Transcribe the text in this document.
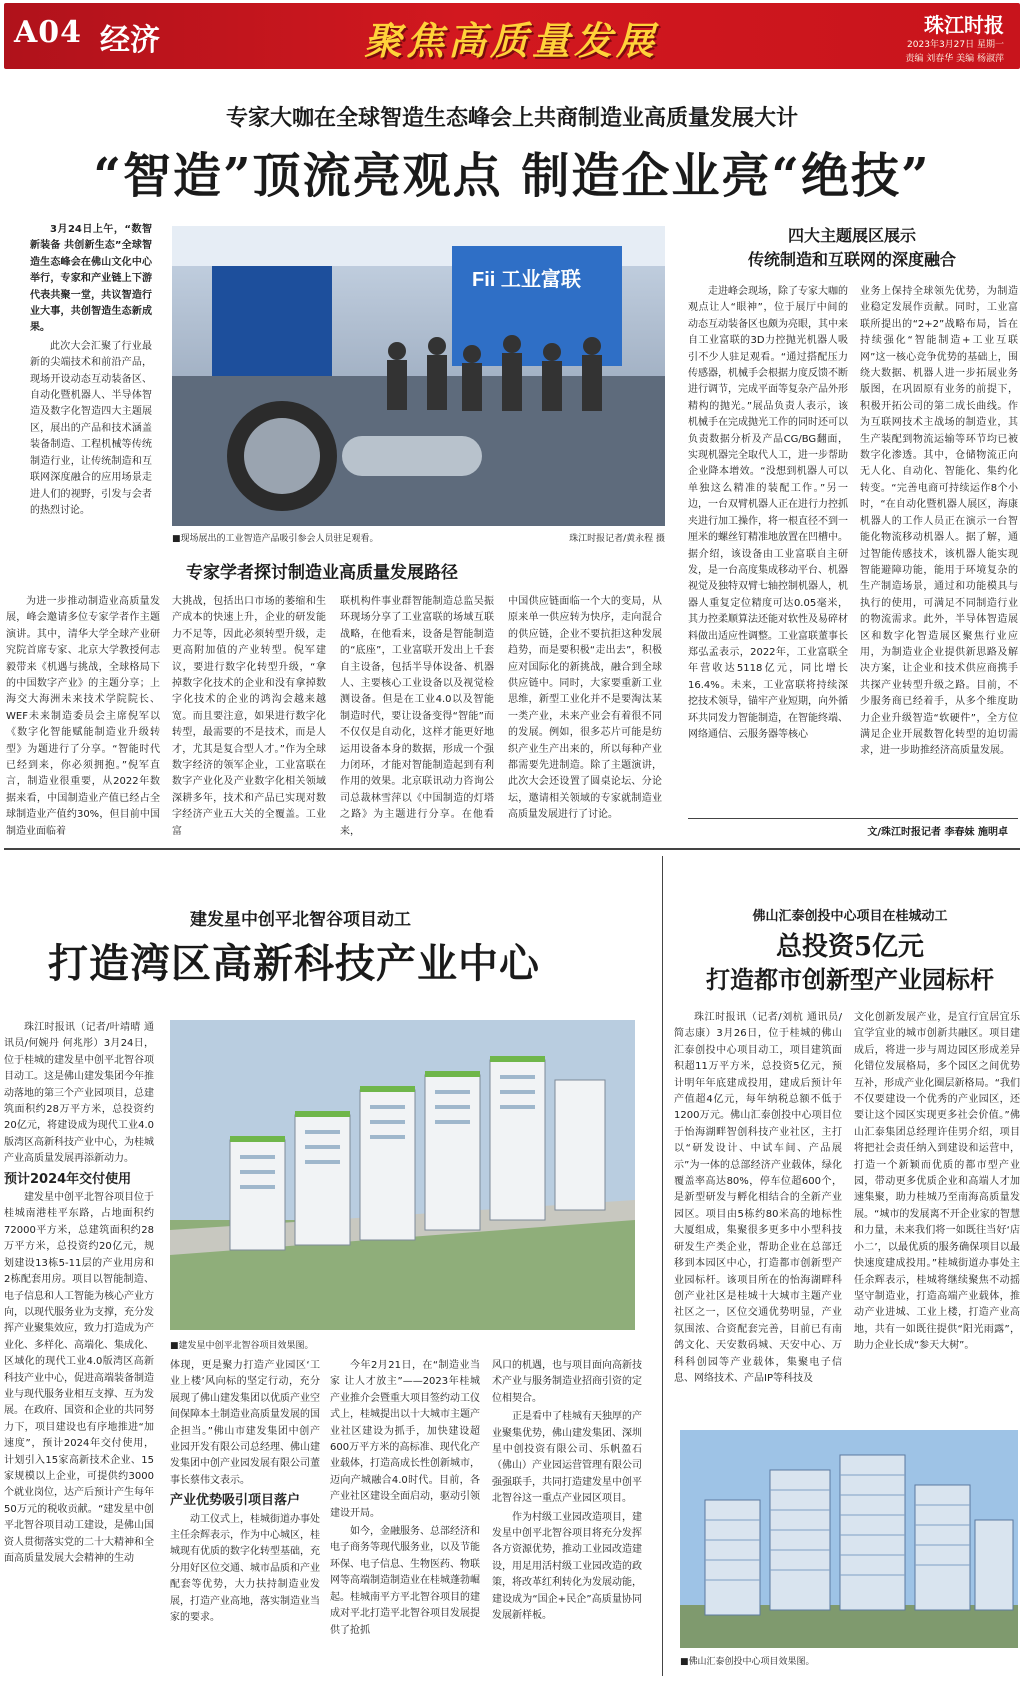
A04 经济	聚焦高质量发展	珠江时报
2023年3月27日 星期一
责编 刘春华 美编 杨淑萍
专家大咖在全球智造生态峰会上共商制造业高质量发展大计
“智造”顶流亮观点 制造企业亮“绝技”

3月24日上午，“数智新装备 共创新生态”全球智造生态峰会在佛山文化中心举行，专家和产业链上下游代表共聚一堂，共议智造行业大事，共创智造生态新成果。

此次大会汇聚了行业最新的尖端技术和前沿产品，现场开设动态互动装备区、自动化暨机器人、半导体智造及数字化智造四大主题展区，展出的产品和技术涵盖装备制造、工程机械等传统制造行业，让传统制造和互联网深度融合的应用场景走进人们的视野，引发与会者的热烈讨论。

Fii 工业富联
■现场展出的工业智造产品吸引参会人员驻足观看。	珠江时报记者/黄永程 摄
专家学者探讨制造业高质量发展路径

为进一步推动制造业高质量发展，峰会邀请多位专家学者作主题演讲。其中，清华大学全球产业研究院首席专家、北京大学教授何志毅带来《机遇与挑战，全球格局下的中国数字产业》的主题分享；上海交大海洲未来技术学院院长、WEF未来制造委员会主席倪军以《数字化智能赋能制造业升级转型》为题进行了分享。“智能时代已经到来，你必须拥抱。”倪军直言，制造业很重要，从2022年数据来看，中国制造业产值已经占全球制造业产值约30%，但目前中国制造业面临着

大挑战，包括出口市场的萎缩和生产成本的快速上升，企业的研发能力不足等，因此必须转型升级，走更高附加值的产业转型。倪军建议，要进行数字化转型升级，“拿掉数字化技术的企业和没有拿掉数字化技术的企业的鸿沟会越来越宽。而且要注意，如果进行数字化转型，最需要的不是技术，而是人才，尤其是复合型人才。”作为全球数字经济的领军企业，工业富联在数字产业化及产业数字化相关领域深耕多年，技术和产品已实现对数字经济产业五大关的全覆盖。工业富

联机构件事业群智能制造总监吴振环现场分享了工业富联的场域互联战略，在他看来，设备是智能制造的“底座”，工业富联开发出上千套自主设备，包括半导体设备、机器人、主要核心工业设备以及视觉检测设备。但是在工业4.0以及智能制造时代，要让设备变得“智能”而不仅仅是自动化，这样才能更好地运用设备本身的数据，形成一个强力闭环，才能对智能制造起到有利作用的效果。北京联讯动力咨询公司总裁林雪萍以《中国制造的灯塔之路》为主题进行分享。在他看来，

中国供应链面临一个大的变局，从原来单一供应转为快序，走向混合的供应链，企业不要抗拒这种发展趋势，而是要积极“走出去”，积极应对国际化的新挑战，融合到全球供应链中。同时，大家要重新工业思维，新型工业化并不是要淘汰某一类产业，未来产业会有着很不同的发展。例如，很多芯片可能是纺织产业生产出来的，所以每种产业都需要先进制造。除了主题演讲，此次大会还设置了圆桌论坛、分论坛，邀请相关领域的专家就制造业高质量发展进行了讨论。

四大主题展区展示
传统制造和互联网的深度融合

走进峰会现场，除了专家大咖的观点让人“眼神”，位于展厅中间的动态互动装备区也颇为亮眼，其中来自工业富联的3D力控抛光机器人吸引不少人驻足观看。“通过搭配压力传感器，机械手会根据力度反馈不断进行调节，完成平面等复杂产品外形精构的抛光。”展品负责人表示，该机械手在完成抛光工作的同时还可以负责数据分析及产品CG/BG翻面，实现机器完全取代人工，进一步帮助企业降本增效。“没想到机器人可以单独这么精准的装配工作。”另一边，一台双臂机器人正在进行力控抓夹进行加工操作，将一根直径不到一厘米的螺丝钉精准地放置在凹槽中。据介绍，该设备由工业富联自主研发，是一台高度集成移动平台、机器视觉及独特双臂七轴控制机器人，机器人重复定位精度可达0.05毫米，其力控柔顺算法还能对软性及易碎材料做出适应性调整。工业富联董事长郑弘孟表示，2022年，工业富联全年营收达5118亿元，同比增长16.4%。未来，工业富联将持续深挖技术领导，锚牢产业短期，向外循环共同发力智能制造，在智能终端、网络通信、云服务器等核心

业务上保持全球领先优势，为制造业稳定发展作贡献。同时，工业富联所提出的“2+2”战略布局，旨在持续强化“智能制造+工业互联网”这一核心竞争优势的基础上，围绕大数据、机器人进一步拓展业务版图，在巩固原有业务的前提下，积极开拓公司的第二成长曲线。作为互联网技术主战场的制造业，其生产装配到物流运输等环节均已被数字化渗透。其中，仓储物流正向无人化、自动化、智能化、集约化转变。“完善电商可持续运作8个小时，“在自动化暨机器人展区，海康机器人的工作人员正在演示一台智能化物流移动机器人。据了解，通过智能传感技术，该机器人能实现智能避障功能，能用于环境复杂的生产制造场景，通过和功能模具与执行的使用，可满足不同制造行业的物流需求。此外，半导体智造展区和数字化智造展区聚焦行业应用，为制造业企业提供新思路及解决方案，让企业和技术供应商携手共探产业转型升级之路。目前，不少服务商已经着手，从多个维度助力企业升级智造“软硬件”，全方位满足企业开展数智化转型的迫切需求，进一步助推经济高质量发展。

文/珠江时报记者 李春妹 施明卓
建发星中创平北智谷项目动工
打造湾区高新科技产业中心

珠江时报讯（记者/叶靖晴 通讯员/何婉丹 何兆彤）3月24日，位于桂城的建发星中创平北智谷项目动工。这是佛山建发集团今年推动落地的第三个产业园项目，总建筑面积约28万平方米，总投资约20亿元，将建设成为现代工业4.0版湾区高新科技产业中心，为桂城产业高质量发展再添新动力。

预计2024年交付使用

建发星中创平北智谷项目位于桂城南港桂平东路，占地面积约72000平方米，总建筑面积约28万平方米，总投资约20亿元，规划建设13栋5-11层的产业用房和2栋配套用房。项目以智能制造、电子信息和人工智能为核心产业方向，以现代服务业为支撑，充分发挥产业聚集效应，致力打造成为产业化、多样化、高端化、集成化、区域化的现代工业4.0版湾区高新科技产业中心，促进高端装备制造业与现代服务业相互支撑、互为发展。在政府、国资和企业的共同努力下，项目建设也有序地推进“加速度”，预计2024年交付使用，计划引入15家高新技术企业、15家规模以上企业，可提供约3000个就业岗位，达产后预计产生每年50万元的税收贡献。“建发星中创平北智谷项目动工建设，是佛山国资人贯彻落实党的二十大精神和全面高质量发展大会精神的生动

■建发星中创平北智谷项目效果图。

体现，更是聚力打造产业园区‘工业上楼’风向标的坚定行动，充分展现了佛山建发集团以优质产业空间保障本土制造业高质量发展的国企担当。”佛山市建发集团中创产业园开发有限公司总经理、佛山建发集团中创产业园发展有限公司董事长蔡伟文表示。

产业优势吸引项目落户

动工仪式上，桂城街道办事处主任余辉表示，作为中心城区，桂城现有优质的数字化转型基础，充分用好区位交通、城市品质和产业配套等优势，大力扶持制造业发展，打造产业高地，落实制造业当家的要求。

今年2月21日，在“制造业当家 让人才放主”——2023年桂城产业推介会暨重大项目签约动工仪式上，桂城提出以十大城市主题产业社区建设为抓手，加快建设超600万平方米的高标准、现代化产业载体，打造高成长性创新城市，迈向产城融合4.0时代。目前，各产业社区建设全面启动，驱动引领建设开局。

如今，金融服务、总部经济和电子商务等现代服务业，以及节能环保、电子信息、生物医药、物联网等高端制造制造业在桂城蓬勃崛起。桂城南平方平北智谷项目的建成对平北打造平北智谷项目发展提供了抢抓

风口的机遇，也与项目面向高新技术产业与服务制造业招商引资的定位相契合。

正是看中了桂城有天独厚的产业聚集优势，佛山建发集团、深圳星中创投资有限公司、乐帆盈石（佛山）产业园运营管理有限公司强强联手，共同打造建发星中创平北智谷这一重点产业园区项目。

作为村级工业园改造项目，建发星中创平北智谷项目将充分发挥各方资源优势，推动工业园改造建设，用足用活村级工业园改造的政策，将改革红利转化为发展动能，建设成为“国企+民企”高质量协同发展新样板。

佛山汇泰创投中心项目在桂城动工
总投资5亿元
打造都市创新型产业园标杆

珠江时报讯（记者/刘杭 通讯员/简志康）3月26日，位于桂城的佛山汇泰创投中心项目动工，项目建筑面积超11万平方米，总投资5亿元，预计明年年底建成投用，建成后预计年产值超4亿元，每年纳税总额不低于1200万元。佛山汇泰创投中心项目位于怡海湖畔智创科技产业社区，主打以“研发设计、中试车间、产品展示”为一体的总部经济产业载体，绿化覆盖率高达80%，停车位超600个，是新型研发与孵化相结合的全新产业园区。项目由5栋约80米高的地标性大厦组成，集聚很多更多中小型科技研发生产类企业，帮助企业在总部迁移到本园区中心，打造都市创新型产业园标杆。该项目所在的怡海湖畔科创产业社区是桂城十大城市主题产业社区之一，区位交通优势明显，产业氛围浓、合资配套完善，目前已有南鸽文化、天安数码城、天安中心、万科科创园等产业载体，集聚电子信息、网络技术、产品IP等科技及

文化创新发展产业，是宜行宜居宜乐宜学宜业的城市创新共融区。项目建成后，将进一步与周边园区形成差异化错位发展格局，多个园区之间优势互补，形成产业化圈层新格局。“我们不仅要建设一个优秀的产业园区，还要让这个园区实现更多社会价值。”佛山汇泰集团总经理许佳男介绍，项目将把社会责任纳入到建设和运营中，打造一个新颖而优质的都市型产业园，带动更多优质企业和高端人才加速集聚，助力桂城乃至南海高质量发展。“城市的发展离不开企业家的智慧和力量，未来我们将一如既往当好‘店小二’，以最优质的服务确保项目以最快速度建成投用。”桂城街道办事处主任余辉表示，桂城将继续聚焦不动摇坚守制造业，打造高端产业载体，推动产业进城、工业上楼，打造产业高地，共有一如既往提供“阳光雨露”，助力企业长成“参天大树”。

■佛山汇泰创投中心项目效果图。
